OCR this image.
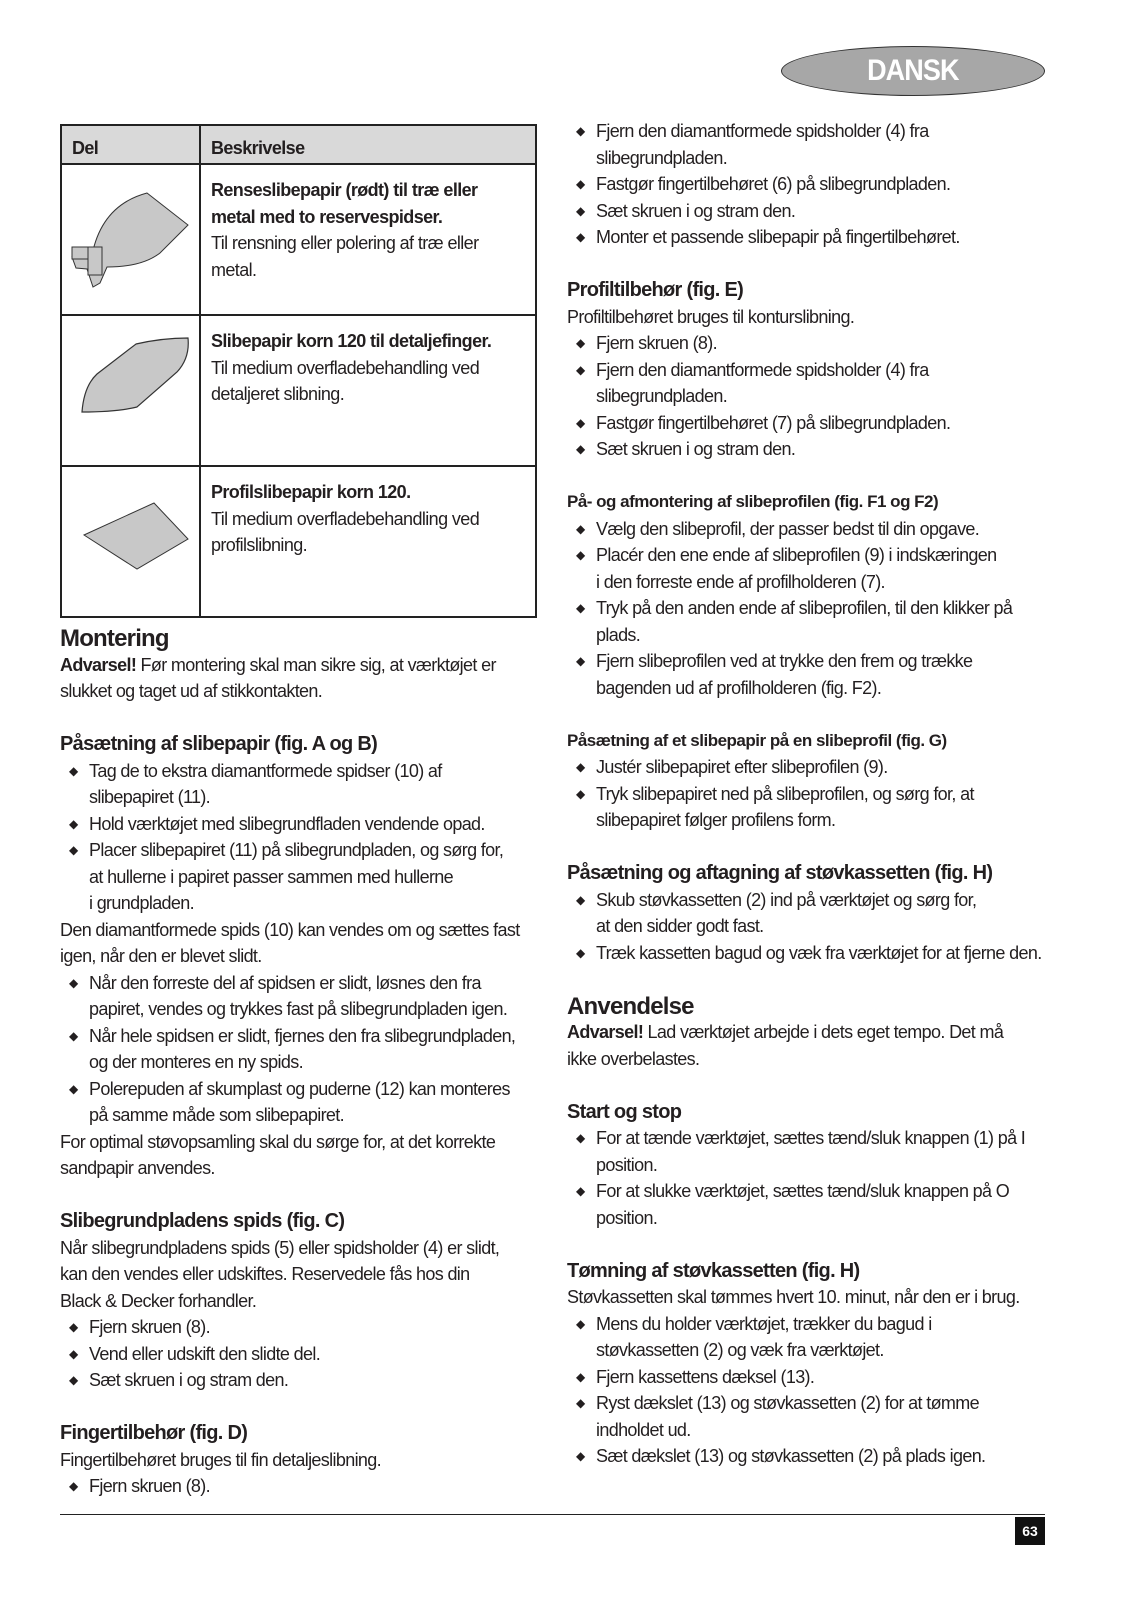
DANSK
Del	Beskrivelse

Renseslibepapir (rødt) til træ eller metal med to reservespidser.
Til rensning eller polering af træ eller metal.

Slibepapir korn 120 til detaljefinger.
Til medium overfladebehandling ved detaljeret slibning.

Profilslibepapir korn 120.
Til medium overfladebehandling ved profilslibning.
Montering
Advarsel! Før montering skal man sikre sig, at værktøjet er
slukket og taget ud af stikkontakten.
Påsætning af slibepapir (fig. A og B)
◆ Tag de to ekstra diamantformede spidser (10) af
slibepapiret (11).
◆ Hold værktøjet med slibegrundfladen vendende opad.
◆ Placer slibepapiret (11) på slibegrundpladen, og sørg for,
at hullerne i papiret passer sammen med hullerne
i grundpladen.
Den diamantformede spids (10) kan vendes om og sættes fast
igen, når den er blevet slidt.
◆ Når den forreste del af spidsen er slidt, løsnes den fra
papiret, vendes og trykkes fast på slibegrundpladen igen.
◆ Når hele spidsen er slidt, fjernes den fra slibegrundpladen,
og der monteres en ny spids.
◆ Polerepuden af skumplast og puderne (12) kan monteres
på samme måde som slibepapiret.
For optimal støvopsamling skal du sørge for, at det korrekte
sandpapir anvendes.
Slibegrundpladens spids (fig. C)
Når slibegrundpladens spids (5) eller spidsholder (4) er slidt,
kan den vendes eller udskiftes. Reservedele fås hos din
Black & Decker forhandler.
◆ Fjern skruen (8).
◆ Vend eller udskift den slidte del.
◆ Sæt skruen i og stram den.
Fingertilbehør (fig. D)
Fingertilbehøret bruges til fin detaljeslibning.
◆ Fjern skruen (8).
◆ Fjern den diamantformede spidsholder (4) fra
slibegrundpladen.
◆ Fastgør fingertilbehøret (6) på slibegrundpladen.
◆ Sæt skruen i og stram den.
◆ Monter et passende slibepapir på fingertilbehøret.
Profiltilbehør (fig. E)
Profiltilbehøret bruges til konturslibning.
◆ Fjern skruen (8).
◆ Fjern den diamantformede spidsholder (4) fra
slibegrundpladen.
◆ Fastgør fingertilbehøret (7) på slibegrundpladen.
◆ Sæt skruen i og stram den.
På- og afmontering af slibeprofilen (fig. F1 og F2)
◆ Vælg den slibeprofil, der passer bedst til din opgave.
◆ Placér den ene ende af slibeprofilen (9) i indskæringen
i den forreste ende af profilholderen (7).
◆ Tryk på den anden ende af slibeprofilen, til den klikker på
plads.
◆ Fjern slibeprofilen ved at trykke den frem og trække
bagenden ud af profilholderen (fig. F2).
Påsætning af et slibepapir på en slibeprofil (fig. G)
◆ Justér slibepapiret efter slibeprofilen (9).
◆ Tryk slibepapiret ned på slibeprofilen, og sørg for, at
slibepapiret følger profilens form.
Påsætning og aftagning af støvkassetten (fig. H)
◆ Skub støvkassetten (2) ind på værktøjet og sørg for,
at den sidder godt fast.
◆ Træk kassetten bagud og væk fra værktøjet for at fjerne den.
Anvendelse
Advarsel! Lad værktøjet arbejde i dets eget tempo. Det må
ikke overbelastes.
Start og stop
◆ For at tænde værktøjet, sættes tænd/sluk knappen (1) på I
position.
◆ For at slukke værktøjet, sættes tænd/sluk knappen på O
position.
Tømning af støvkassetten (fig. H)
Støvkassetten skal tømmes hvert 10. minut, når den er i brug.
◆ Mens du holder værktøjet, trækker du bagud i
støvkassetten (2) og væk fra værktøjet.
◆ Fjern kassettens dæksel (13).
◆ Ryst dækslet (13) og støvkassetten (2) for at tømme
indholdet ud.
◆ Sæt dækslet (13) og støvkassetten (2) på plads igen.
63
